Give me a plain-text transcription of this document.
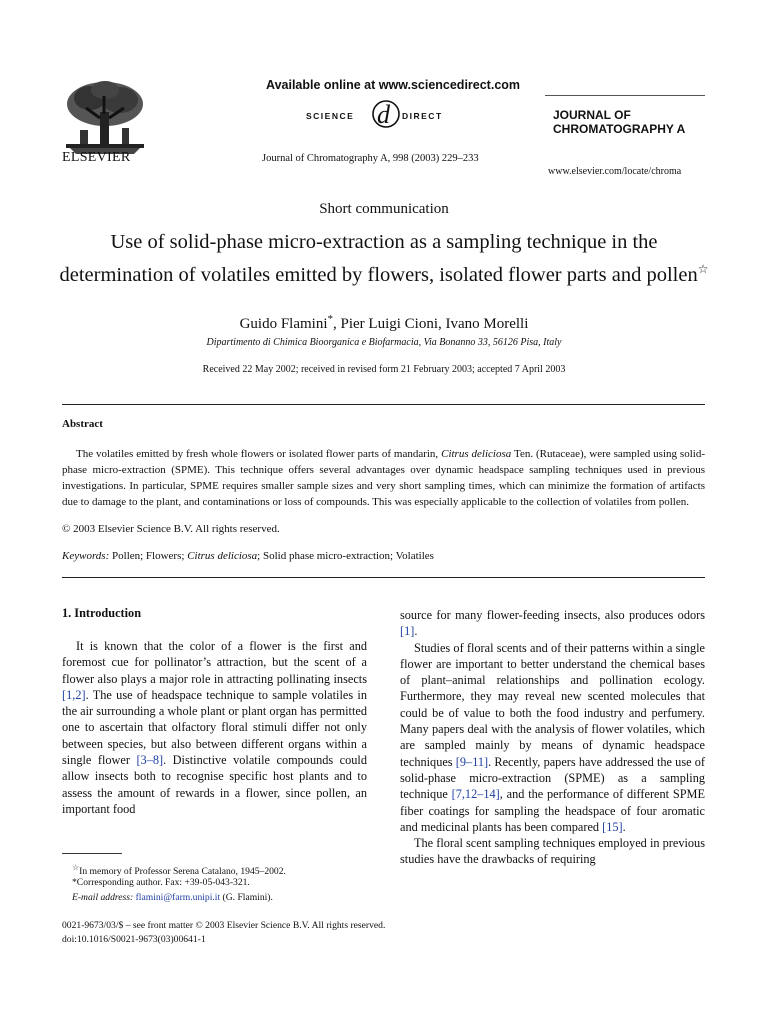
ELSEVIER
Available online at www.sciencedirect.com
SCIENCE d DIRECT
Journal of Chromatography A, 998 (2003) 229–233
JOURNAL OF
CHROMATOGRAPHY A
www.elsevier.com/locate/chroma
Short communication
Use of solid-phase micro-extraction as a sampling technique in the determination of volatiles emitted by flowers, isolated flower parts and pollen☆
Guido Flamini*, Pier Luigi Cioni, Ivano Morelli
Dipartimento di Chimica Bioorganica e Biofarmacia, Via Bonanno 33, 56126 Pisa, Italy
Received 22 May 2002; received in revised form 21 February 2003; accepted 7 April 2003
Abstract

The volatiles emitted by fresh whole flowers or isolated flower parts of mandarin, Citrus deliciosa Ten. (Rutaceae), were sampled using solid-phase micro-extraction (SPME). This technique offers several advantages over dynamic headspace sampling techniques used in previous investigations. In particular, SPME requires smaller sample sizes and very short sampling times, which can minimize the formation of artifacts due to damage to the plant, and contaminations or loss of compounds. This was especially applicable to the collection of volatiles from pollen.

© 2003 Elsevier Science B.V. All rights reserved.
Keywords: Pollen; Flowers; Citrus deliciosa; Solid phase micro-extraction; Volatiles
1. Introduction

It is known that the color of a flower is the first and foremost cue for pollinator’s attraction, but the scent of a flower also plays a major role in attracting pollinating insects [1,2]. The use of headspace technique to sample volatiles in the air surrounding a whole plant or plant organ has permitted one to ascertain that olfactory floral stimuli differ not only between species, but also between different organs within a single flower [3–8]. Distinctive volatile compounds could allow insects both to recognise specific host plants and to assess the amount of rewards in a flower, since pollen, an important food

source for many flower-feeding insects, also produces odors [1].

Studies of floral scents and of their patterns within a single flower are important to better understand the chemical bases of plant–animal relationships and pollination ecology. Furthermore, they may reveal new scented molecules that could be of value to both the food industry and perfumery. Many papers deal with the analysis of flower volatiles, which are sampled mainly by means of dynamic headspace techniques [9–11]. Recently, papers have addressed the use of solid-phase micro-extraction (SPME) as a sampling technique [7,12–14], and the performance of different SPME fiber coatings for sampling the headspace of four aromatic and medicinal plants has been compared [15].

The floral scent sampling techniques employed in previous studies have the drawbacks of requiring

☆In memory of Professor Serena Catalano, 1945–2002.
*Corresponding author. Fax: +39-05-043-321.
E-mail address: flamini@farm.unipi.it (G. Flamini).
0021-9673/03/$ – see front matter © 2003 Elsevier Science B.V. All rights reserved.
doi:10.1016/S0021-9673(03)00641-1
